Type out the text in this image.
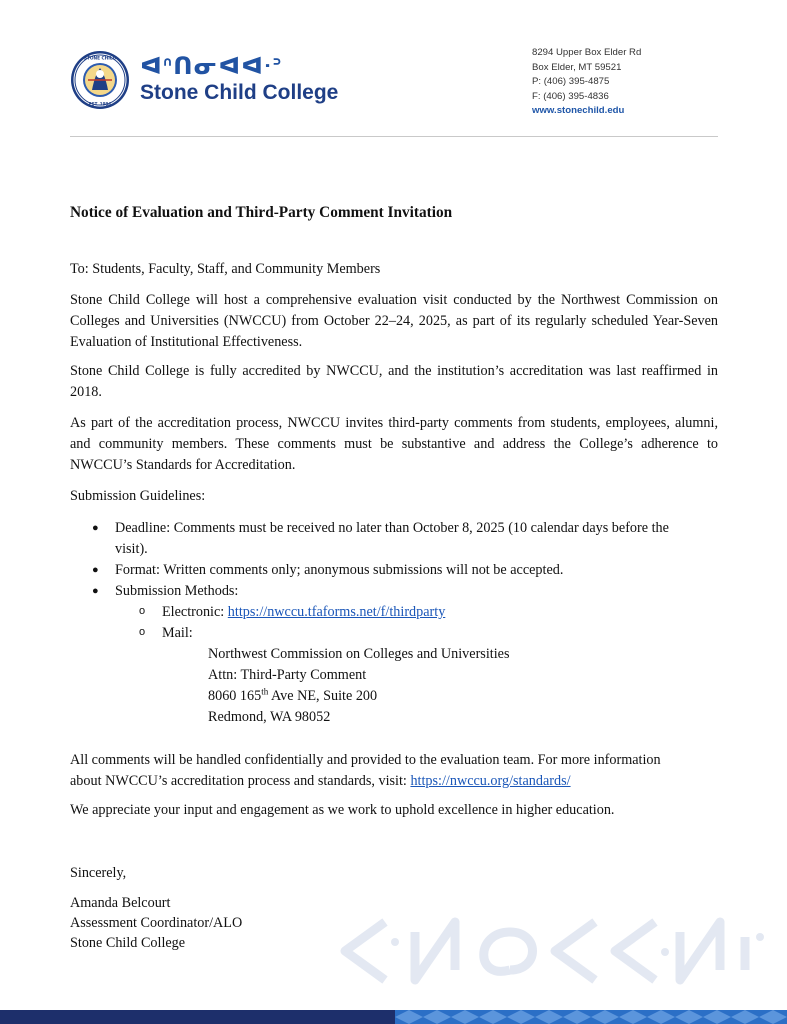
STONE CHILD
EST. 1984
ᐊᐢᑎᓂᐊᐊᐧᐣ
Stone Child College
8294 Upper Box Elder Rd
Box Elder, MT 59521
P: (406) 395-4875
F: (406) 395-4836
www.stonechild.edu
Notice of Evaluation and Third-Party Comment Invitation
To: Students, Faculty, Staff, and Community Members

Stone Child College will host a comprehensive evaluation visit conducted by the Northwest Commission on Colleges and Universities (NWCCU) from October 22–24, 2025, as part of its regularly scheduled Year-Seven Evaluation of Institutional Effectiveness.

Stone Child College is fully accredited by NWCCU, and the institution’s accreditation was last reaffirmed in 2018.

As part of the accreditation process, NWCCU invites third-party comments from students, employees, alumni, and community members. These comments must be substantive and address the College’s adherence to NWCCU’s Standards for Accreditation.

Submission Guidelines:
● Deadline: Comments must be received no later than October 8, 2025 (10 calendar days before the
visit).
● Format: Written comments only; anonymous submissions will not be accepted.
● Submission Methods:
o Electronic: https://nwccu.tfaforms.net/f/thirdparty
o Mail:
Northwest Commission on Colleges and Universities
Attn: Third-Party Comment
8060 165th Ave NE, Suite 200
Redmond, WA 98052
All comments will be handled confidentially and provided to the evaluation team. For more information
about NWCCU’s accreditation process and standards, visit: https://nwccu.org/standards/
We appreciate your input and engagement as we work to uphold excellence in higher education.
Sincerely,
Amanda Belcourt
Assessment Coordinator/ALO
Stone Child College
